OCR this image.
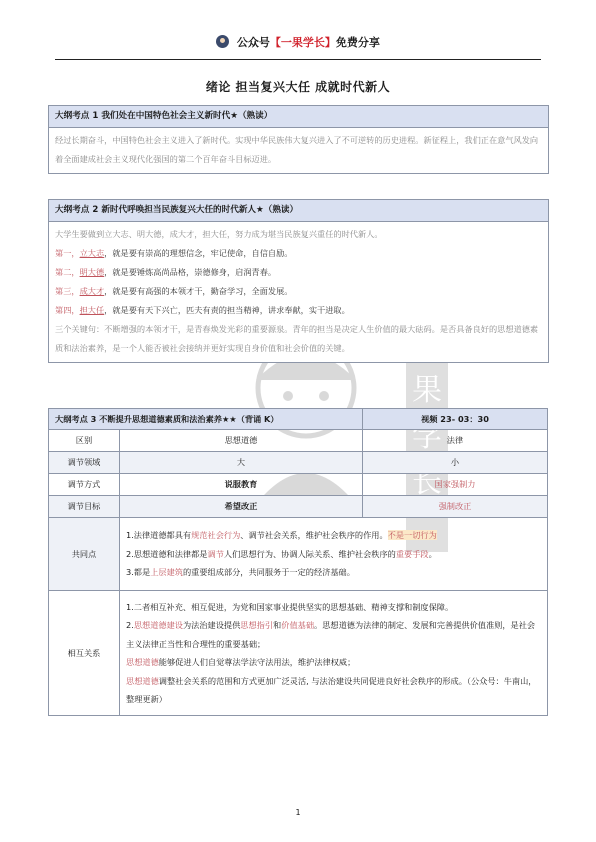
公众号【一果学长】免费分享
绪论 担当复兴大任 成就时代新人
果学长
大纲考点 1 我们处在中国特色社会主义新时代★（熟读）

经过长期奋斗，中国特色社会主义进入了新时代。实现中华民族伟大复兴进入了不可逆转的历史进程。新征程上，我们正在意气风发向着全面建成社会主义现代化强国的第二个百年奋斗目标迈进。

大纲考点 2 新时代呼唤担当民族复兴大任的时代新人★（熟读）

大学生要做到立大志、明大德，成大才，担大任，努力成为堪当民族复兴重任的时代新人。

第一，立大志，就是要有崇高的理想信念，牢记使命，自信自励。

第二，明大德，就是要锤炼高尚品格，崇德修身，启润青春。

第三，成大才，就是要有高强的本领才干，勤奋学习，全面发展。

第四，担大任，就是要有天下兴亡，匹夫有责的担当精神，讲求奉献，实干进取。

三个关键句：不断增强的本领才干，是青春焕发光彩的重要源泉。青年的担当是决定人生价值的最大砝码。是否具备良好的思想道德素质和法治素养，是一个人能否被社会接纳并更好实现自身价值和社会价值的关键。

大纲考点 3 不断提升思想道德素质和法治素养★★（背诵 K）		视频 23- 03：30
区别	思想道德	法律
调节领域	大	小
调节方式	说服教育	国家强制力
调节目标	希望改正	强制改正
共同点	1.法律道德都具有规范社会行为、调节社会关系，维护社会秩序的作用。不是一切行为
2.思想道德和法律都是调节人们思想行为、协调人际关系、维护社会秩序的重要手段。
3.都是上层建筑的重要组成部分，共同服务于一定的经济基础。	

相互关系	1.二者相互补充、相互促进，为党和国家事业提供坚实的思想基础、精神支撑和制度保障。
2.思想道德建设为法治建设提供思想指引和价值基础。思想道德为法律的制定、发展和完善提供价值准则，是社会主义法律正当性和合理性的重要基础；
思想道德能够促进人们自觉尊法学法守法用法，维护法律权威；
思想道德调整社会关系的范围和方式更加广泛灵活, 与法治建设共同促进良好社会秩序的形成。（公众号：牛南山，整理更新）	
1
